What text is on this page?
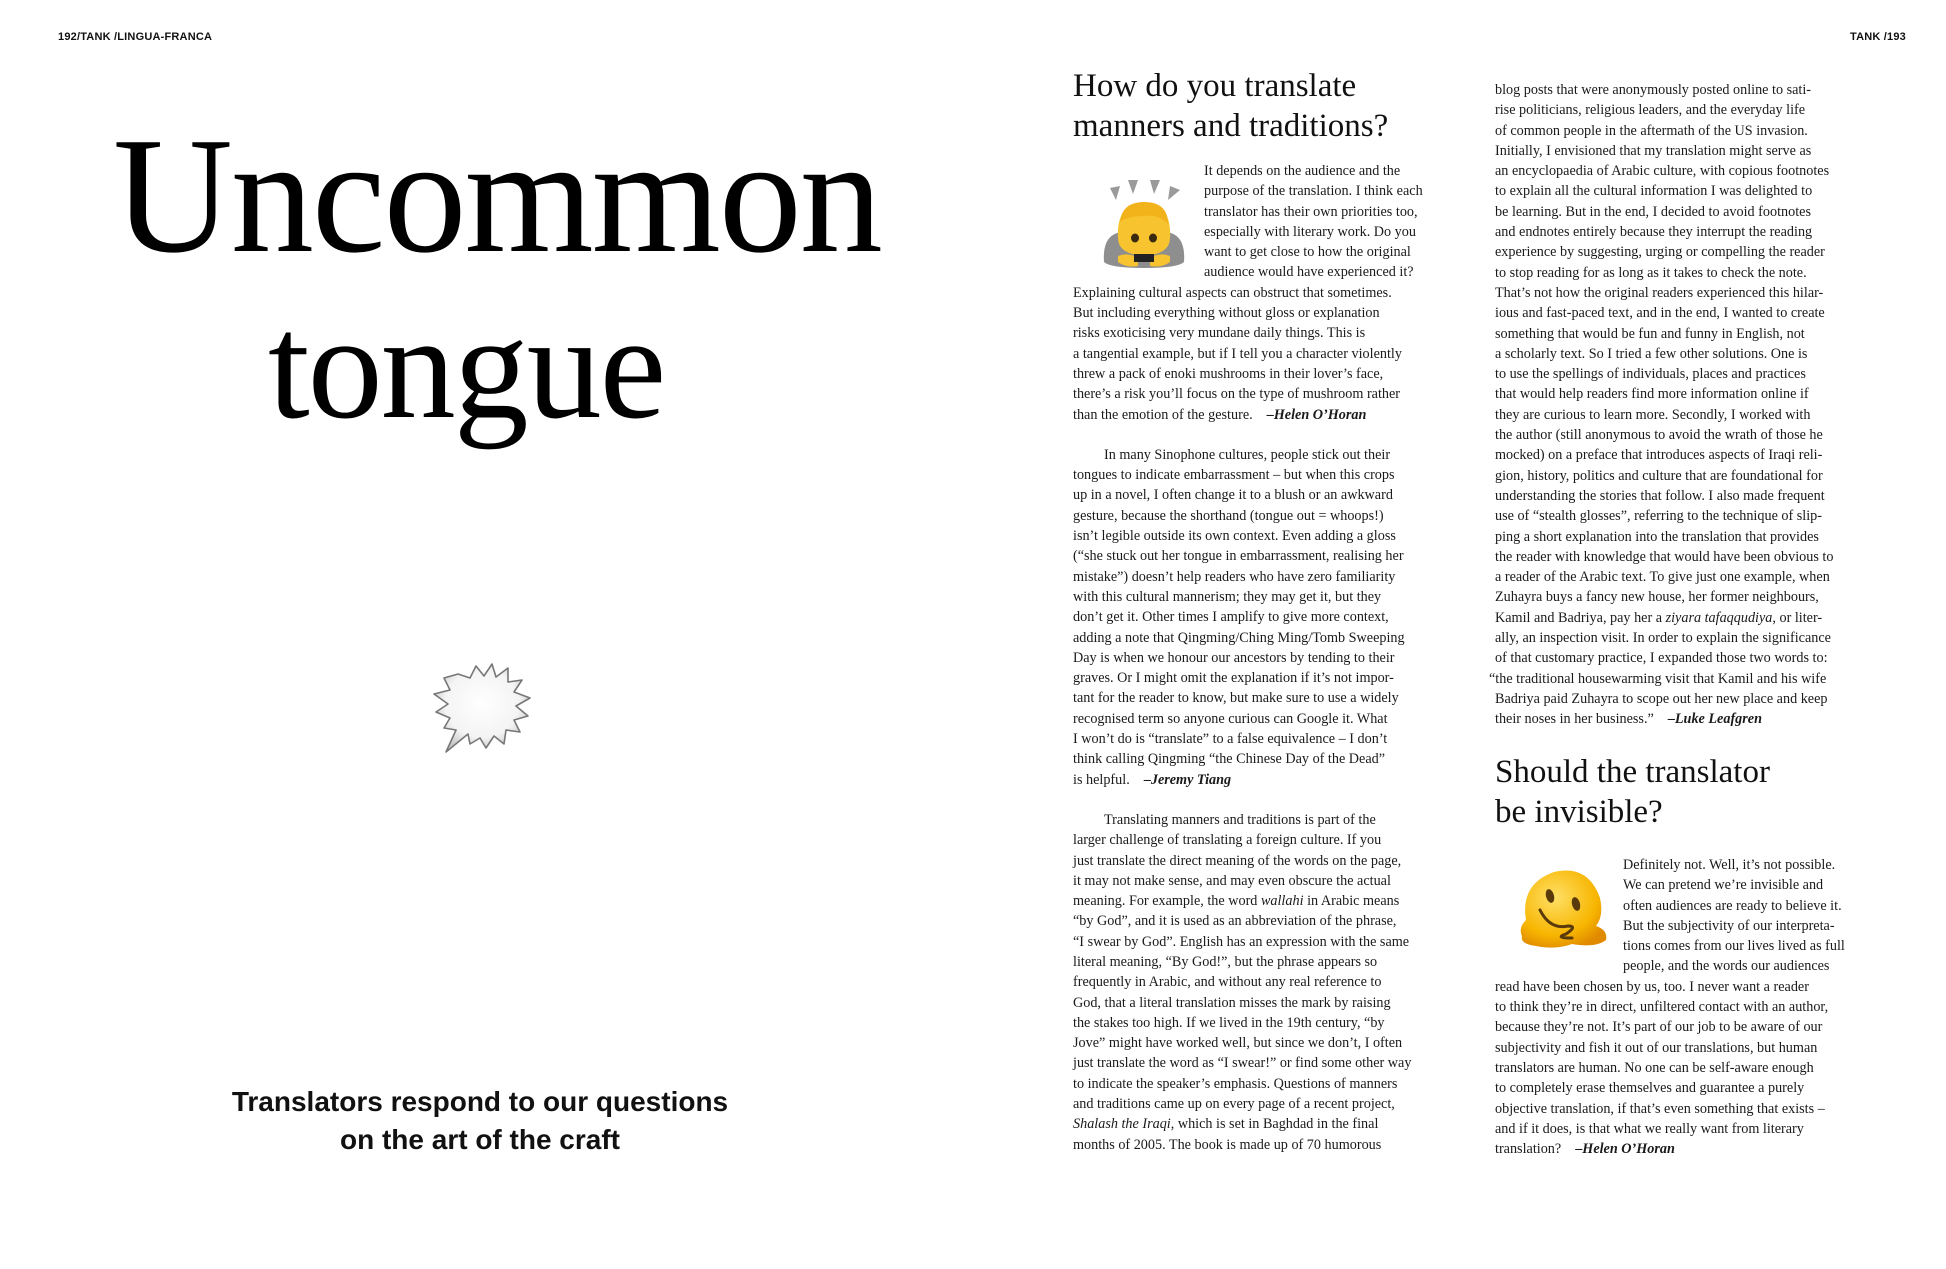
192/TANK /LINGUA-FRANCA	TANK /193
Uncommon
tongue
Translators respond to our questions
on the art of the craft
How do you translate
manners and traditions?
It depends on the audience and the
purpose of the translation. I think each
translator has their own priorities too,
especially with literary work. Do you
want to get close to how the original
audience would have experienced it?
Explaining cultural aspects can obstruct that sometimes.
But including everything without gloss or explanation
risks exoticising very mundane daily things. This is
a tangential example, but if I tell you a character violently
threw a pack of enoki mushrooms in their lover’s face,
there’s a risk you’ll focus on the type of mushroom rather
than the emotion of the gesture. –Helen O’Horan
In many Sinophone cultures, people stick out their
tongues to indicate embarrassment – but when this crops
up in a novel, I often change it to a blush or an awkward
gesture, because the shorthand (tongue out = whoops!)
isn’t legible outside its own context. Even adding a gloss
(“she stuck out her tongue in embarrassment, realising her
mistake”) doesn’t help readers who have zero familiarity
with this cultural mannerism; they may get it, but they
don’t get it. Other times I amplify to give more context,
adding a note that Qingming/Ching Ming/Tomb Sweeping
Day is when we honour our ancestors by tending to their
graves. Or I might omit the explanation if it’s not impor-
tant for the reader to know, but make sure to use a widely
recognised term so anyone curious can Google it. What
I won’t do is “translate” to a false equivalence – I don’t
think calling Qingming “the Chinese Day of the Dead”
is helpful. –Jeremy Tiang
Translating manners and traditions is part of the
larger challenge of translating a foreign culture. If you
just translate the direct meaning of the words on the page,
it may not make sense, and may even obscure the actual
meaning. For example, the word wallahi in Arabic means
“by God”, and it is used as an abbreviation of the phrase,
“I swear by God”. English has an expression with the same
literal meaning, “By God!”, but the phrase appears so
frequently in Arabic, and without any real reference to
God, that a literal translation misses the mark by raising
the stakes too high. If we lived in the 19th century, “by
Jove” might have worked well, but since we don’t, I often
just translate the word as “I swear!” or find some other way
to indicate the speaker’s emphasis. Questions of manners
and traditions came up on every page of a recent project,
Shalash the Iraqi, which is set in Baghdad in the final
months of 2005. The book is made up of 70 humorous
blog posts that were anonymously posted online to sati-
rise politicians, religious leaders, and the everyday life
of common people in the aftermath of the US invasion.
Initially, I envisioned that my translation might serve as
an encyclopaedia of Arabic culture, with copious footnotes
to explain all the cultural information I was delighted to
be learning. But in the end, I decided to avoid footnotes
and endnotes entirely because they interrupt the reading
experience by suggesting, urging or compelling the reader
to stop reading for as long as it takes to check the note.
That’s not how the original readers experienced this hilar-
ious and fast-paced text, and in the end, I wanted to create
something that would be fun and funny in English, not
a scholarly text. So I tried a few other solutions. One is
to use the spellings of individuals, places and practices
that would help readers find more information online if
they are curious to learn more. Secondly, I worked with
the author (still anonymous to avoid the wrath of those he
mocked) on a preface that introduces aspects of Iraqi reli-
gion, history, politics and culture that are foundational for
understanding the stories that follow. I also made frequent
use of “stealth glosses”, referring to the technique of slip-
ping a short explanation into the translation that provides
the reader with knowledge that would have been obvious to
a reader of the Arabic text. To give just one example, when
Zuhayra buys a fancy new house, her former neighbours,
Kamil and Badriya, pay her a ziyara tafaqqudiya, or liter-
ally, an inspection visit. In order to explain the significance
of that customary practice, I expanded those two words to:
“the traditional housewarming visit that Kamil and his wife
Badriya paid Zuhayra to scope out her new place and keep
their noses in her business.” –Luke Leafgren
Should the translator
be invisible?
Definitely not. Well, it’s not possible.
We can pretend we’re invisible and
often audiences are ready to believe it.
But the subjectivity of our interpreta-
tions comes from our lives lived as full
people, and the words our audiences
read have been chosen by us, too. I never want a reader
to think they’re in direct, unfiltered contact with an author,
because they’re not. It’s part of our job to be aware of our
subjectivity and fish it out of our translations, but human
translators are human. No one can be self-aware enough
to completely erase themselves and guarantee a purely
objective translation, if that’s even something that exists –
and if it does, is that what we really want from literary
translation? –Helen O’Horan
